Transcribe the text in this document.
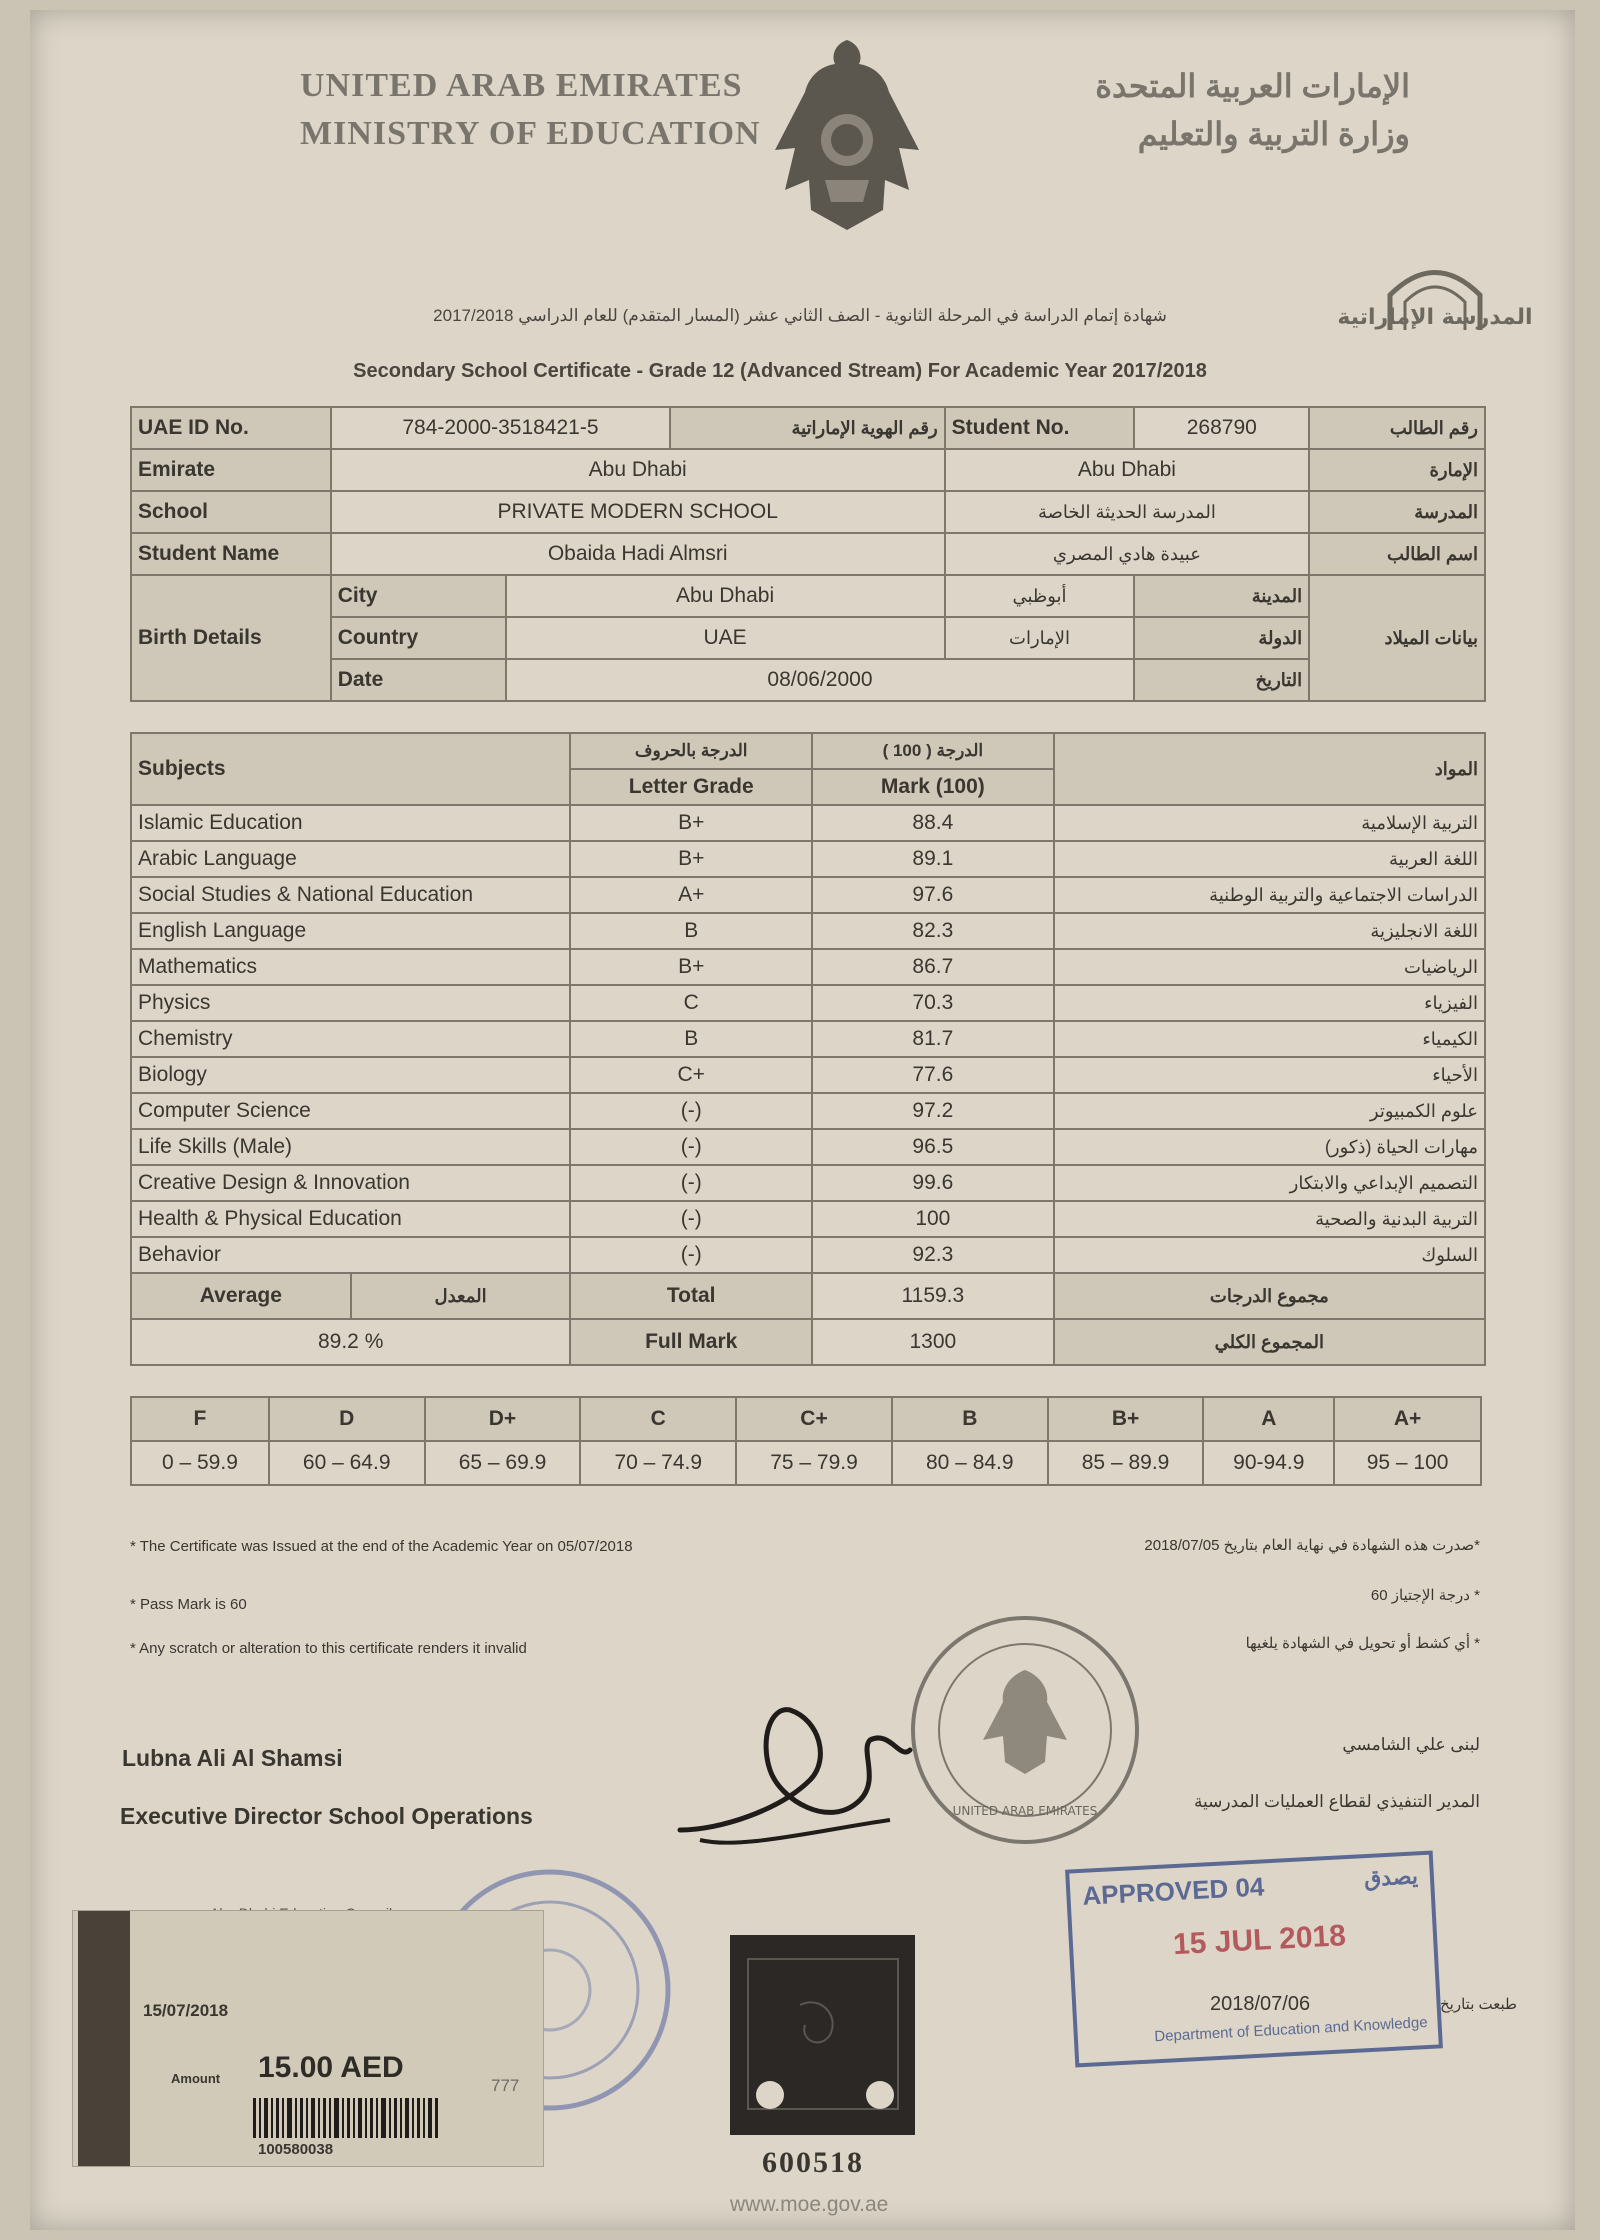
UNITED ARAB EMIRATES
MINISTRY OF EDUCATION
الإمارات العربية المتحدة
وزارة التربية والتعليم
المدرسة الإماراتية
شهادة إتمام الدراسة في المرحلة الثانوية - الصف الثاني عشر (المسار المتقدم) للعام الدراسي 2017/2018
Secondary School Certificate - Grade 12 (Advanced Stream) For Academic Year 2017/2018
UAE ID No.	784-2000-3518421-5		رقم الهوية الإماراتية	Student No.	268790	رقم الطالب
Emirate	Abu Dhabi			Abu Dhabi		الإمارة
School	PRIVATE MODERN SCHOOL			المدرسة الحديثة الخاصة		المدرسة
Student Name	Obaida Hadi Almsri			عبيدة هادي المصري		اسم الطالب
Birth Details	City	Abu Dhabi		أبوظبي	المدينة	بيانات الميلاد
	Country	UAE		الإمارات	الدولة	
	Date	08/06/2000			التاريخ	
Subjects	الدرجة بالحروف	الدرجة ( 100 )	المواد
	Letter Grade	Mark (100)	
Islamic Education	B+	88.4	التربية الإسلامية
Arabic Language	B+	89.1	اللغة العربية
Social Studies & National Education	A+	97.6	الدراسات الاجتماعية والتربية الوطنية
English Language	B	82.3	اللغة الانجليزية
Mathematics	B+	86.7	الرياضيات
Physics	C	70.3	الفيزياء
Chemistry	B	81.7	الكيمياء
Biology	C+	77.6	الأحياء
Computer Science	(-)	97.2	علوم الكمبيوتر
Life Skills (Male)	(-)	96.5	مهارات الحياة (ذكور)
Creative Design & Innovation	(-)	99.6	التصميم الإبداعي والابتكار
Health & Physical Education	(-)	100	التربية البدنية والصحية
Behavior	(-)	92.3	السلوك

Average المعدل	Total	1159.3	مجموع الدرجات
89.2 %	Full Mark	1300	المجموع الكلي
F	D	D+	C	C+	B	B+	A	A+
0 – 59.9	60 – 64.9	65 – 69.9	70 – 74.9	75 – 79.9	80 – 84.9	85 – 89.9	90-94.9	95 – 100
* The Certificate was Issued at the end of the Academic Year on 05/07/2018	*صدرت هذه الشهادة في نهاية العام بتاريخ 2018/07/05
* Pass Mark is 60
* درجة الإجتياز 60
* Any scratch or alteration to this certificate renders it invalid	* أي كشط أو تحويل في الشهادة يلغيها
UNITED ARAB EMIRATES
Lubna Ali Al Shamsi
Executive Director School Operations
لبنى علي الشامسي
المدير التنفيذي لقطاع العمليات المدرسية
APPROVED 04	يصدق
15 JUL 2018
Department of Education and Knowledge
2018/07/06	طبعت بتاريخ
15/07/2018
Amount 15.00 AED
100580038
777
600518
www.moe.gov.ae
